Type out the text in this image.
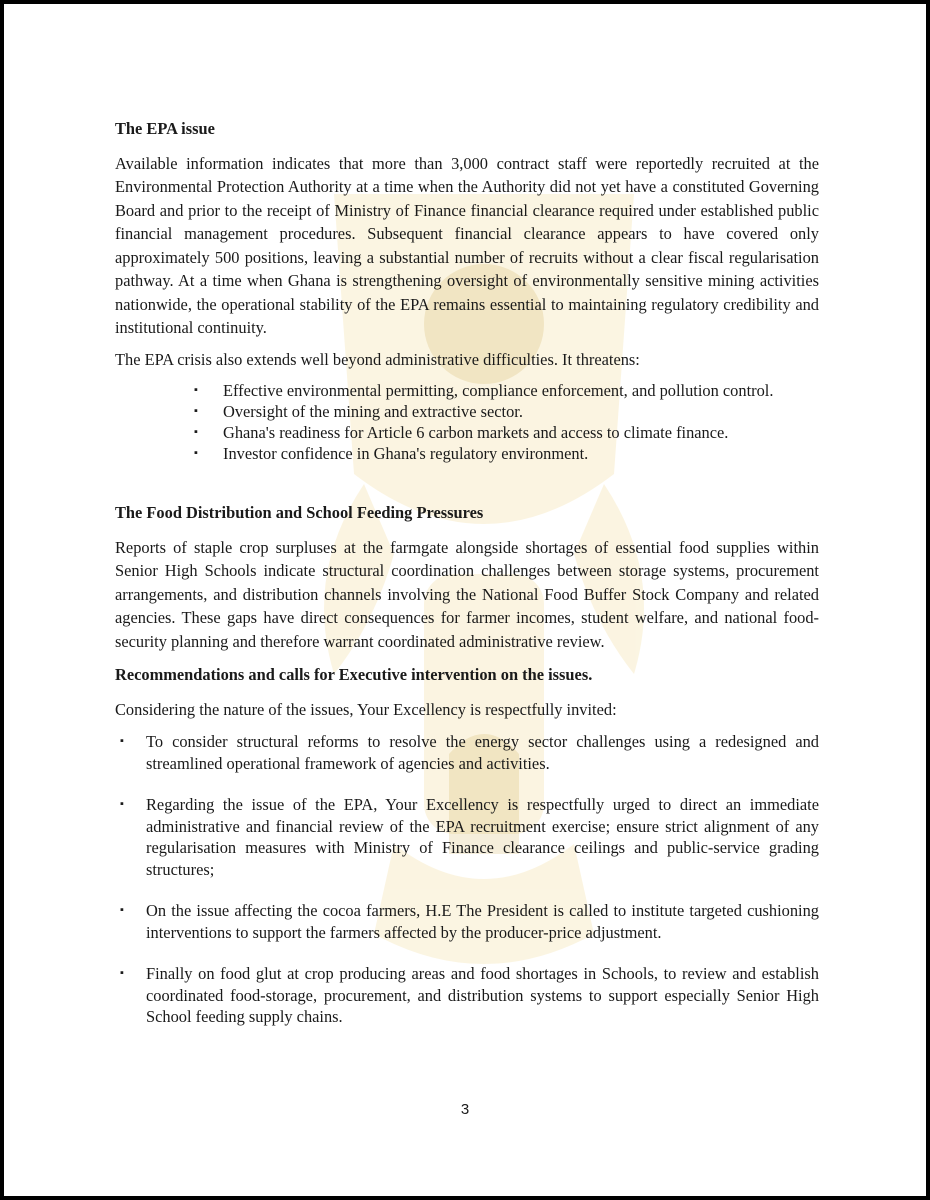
The EPA issue

Available information indicates that more than 3,000 contract staff were reportedly recruited at the Environmental Protection Authority at a time when the Authority did not yet have a constituted Governing Board and prior to the receipt of Ministry of Finance financial clearance required under established public financial management procedures. Subsequent financial clearance appears to have covered only approximately 500 positions, leaving a substantial number of recruits without a clear fiscal regularisation pathway. At a time when Ghana is strengthening oversight of environmentally sensitive mining activities nationwide, the operational stability of the EPA remains essential to maintaining regulatory credibility and institutional continuity.

The EPA crisis also extends well beyond administrative difficulties. It threatens:

▪ Effective environmental permitting, compliance enforcement, and pollution control.
▪ Oversight of the mining and extractive sector.
▪ Ghana's readiness for Article 6 carbon markets and access to climate finance.
▪ Investor confidence in Ghana's regulatory environment.
The Food Distribution and School Feeding Pressures

Reports of staple crop surpluses at the farmgate alongside shortages of essential food supplies within Senior High Schools indicate structural coordination challenges between storage systems, procurement arrangements, and distribution channels involving the National Food Buffer Stock Company and related agencies. These gaps have direct consequences for farmer incomes, student welfare, and national food-security planning and therefore warrant coordinated administrative review.

Recommendations and calls for Executive intervention on the issues.

Considering the nature of the issues, Your Excellency is respectfully invited:

▪ To consider structural reforms to resolve the energy sector challenges using a redesigned and streamlined operational framework of agencies and activities.
▪ Regarding the issue of the EPA, Your Excellency is respectfully urged to direct an immediate administrative and financial review of the EPA recruitment exercise; ensure strict alignment of any regularisation measures with Ministry of Finance clearance ceilings and public-service grading structures;
▪ On the issue affecting the cocoa farmers, H.E The President is called to institute targeted cushioning interventions to support the farmers affected by the producer-price adjustment.
▪ Finally on food glut at crop producing areas and food shortages in Schools, to review and establish coordinated food-storage, procurement, and distribution systems to support especially Senior High School feeding supply chains.
3
